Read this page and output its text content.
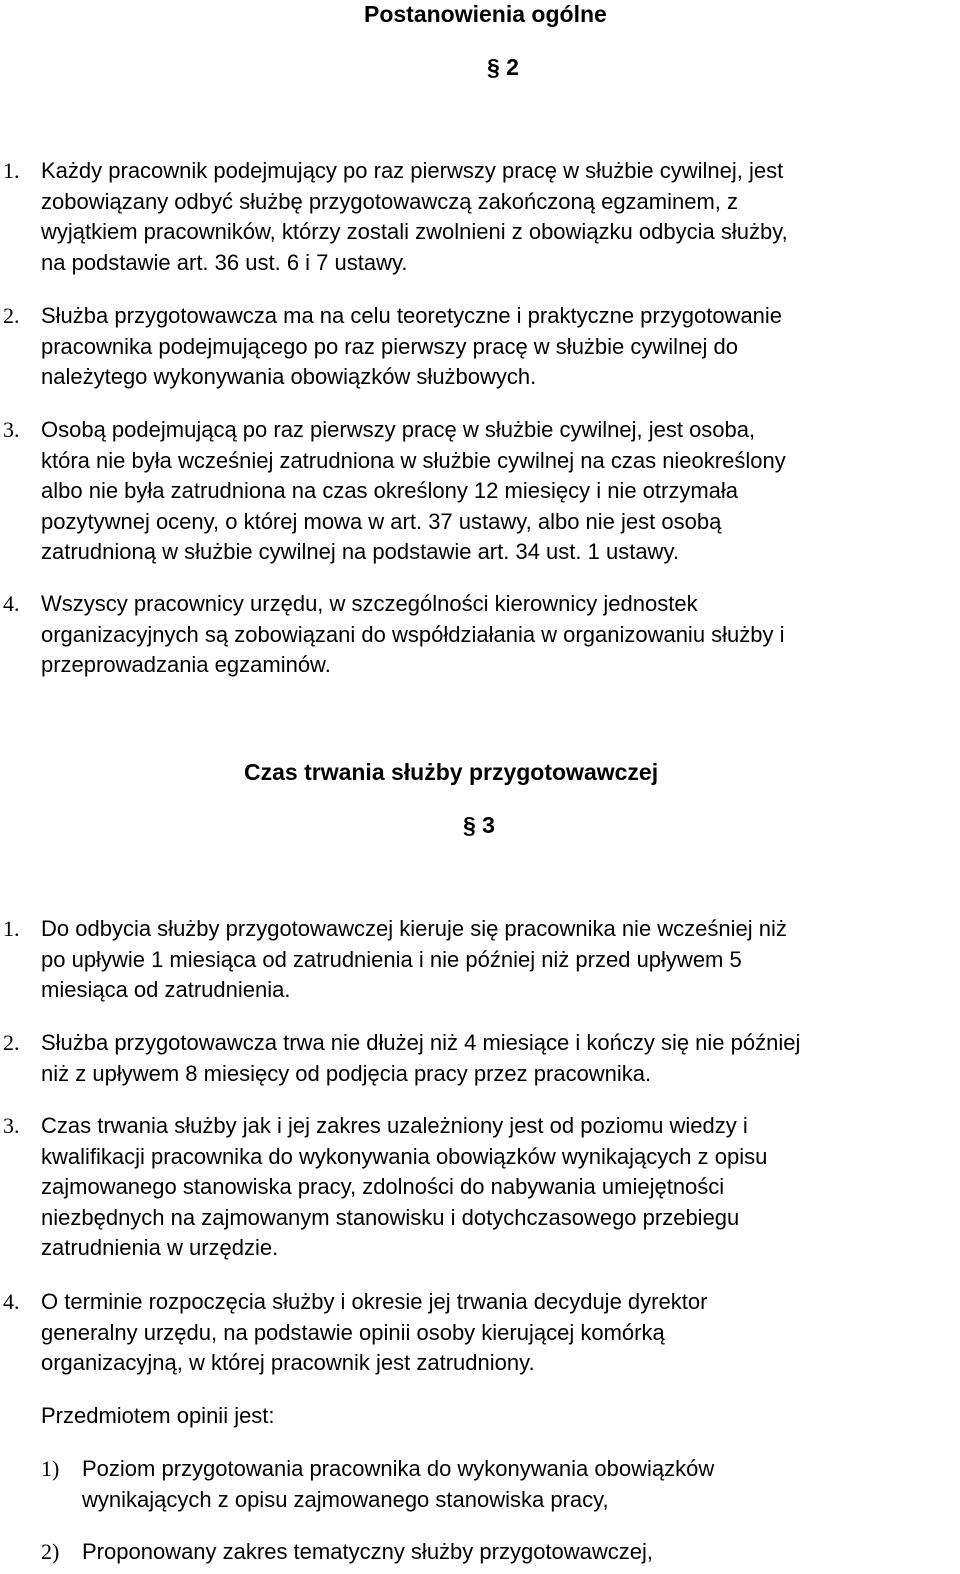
Postanowienia ogólne
§ 2
1. Każdy pracownik podejmujący po raz pierwszy pracę w służbie cywilnej, jest
zobowiązany odbyć służbę przygotowawczą zakończoną egzaminem, z
wyjątkiem pracowników, którzy zostali zwolnieni z obowiązku odbycia służby,
na podstawie art. 36 ust. 6 i 7 ustawy.
2. Służba przygotowawcza ma na celu teoretyczne i praktyczne przygotowanie
pracownika podejmującego po raz pierwszy pracę w służbie cywilnej do
należytego wykonywania obowiązków służbowych.
3. Osobą podejmującą po raz pierwszy pracę w służbie cywilnej, jest osoba,
która nie była wcześniej zatrudniona w służbie cywilnej na czas nieokreślony
albo nie była zatrudniona na czas określony 12 miesięcy i nie otrzymała
pozytywnej oceny, o której mowa w art. 37 ustawy, albo nie jest osobą
zatrudnioną w służbie cywilnej na podstawie art. 34 ust. 1 ustawy.
4. Wszyscy pracownicy urzędu, w szczególności kierownicy jednostek
organizacyjnych są zobowiązani do współdziałania w organizowaniu służby i
przeprowadzania egzaminów.
Czas trwania służby przygotowawczej
§ 3
1. Do odbycia służby przygotowawczej kieruje się pracownika nie wcześniej niż
po upływie 1 miesiąca od zatrudnienia i nie później niż przed upływem 5
miesiąca od zatrudnienia.
2. Służba przygotowawcza trwa nie dłużej niż 4 miesiące i kończy się nie później
niż z upływem 8 miesięcy od podjęcia pracy przez pracownika.
3. Czas trwania służby jak i jej zakres uzależniony jest od poziomu wiedzy i
kwalifikacji pracownika do wykonywania obowiązków wynikających z opisu
zajmowanego stanowiska pracy, zdolności do nabywania umiejętności
niezbędnych na zajmowanym stanowisku i dotychczasowego przebiegu
zatrudnienia w urzędzie.
4. O terminie rozpoczęcia służby i okresie jej trwania decyduje dyrektor
generalny urzędu, na podstawie opinii osoby kierującej komórką
organizacyjną, w której pracownik jest zatrudniony.
Przedmiotem opinii jest:
1) Poziom przygotowania pracownika do wykonywania obowiązków
wynikających z opisu zajmowanego stanowiska pracy,
2) Proponowany zakres tematyczny służby przygotowawczej,
